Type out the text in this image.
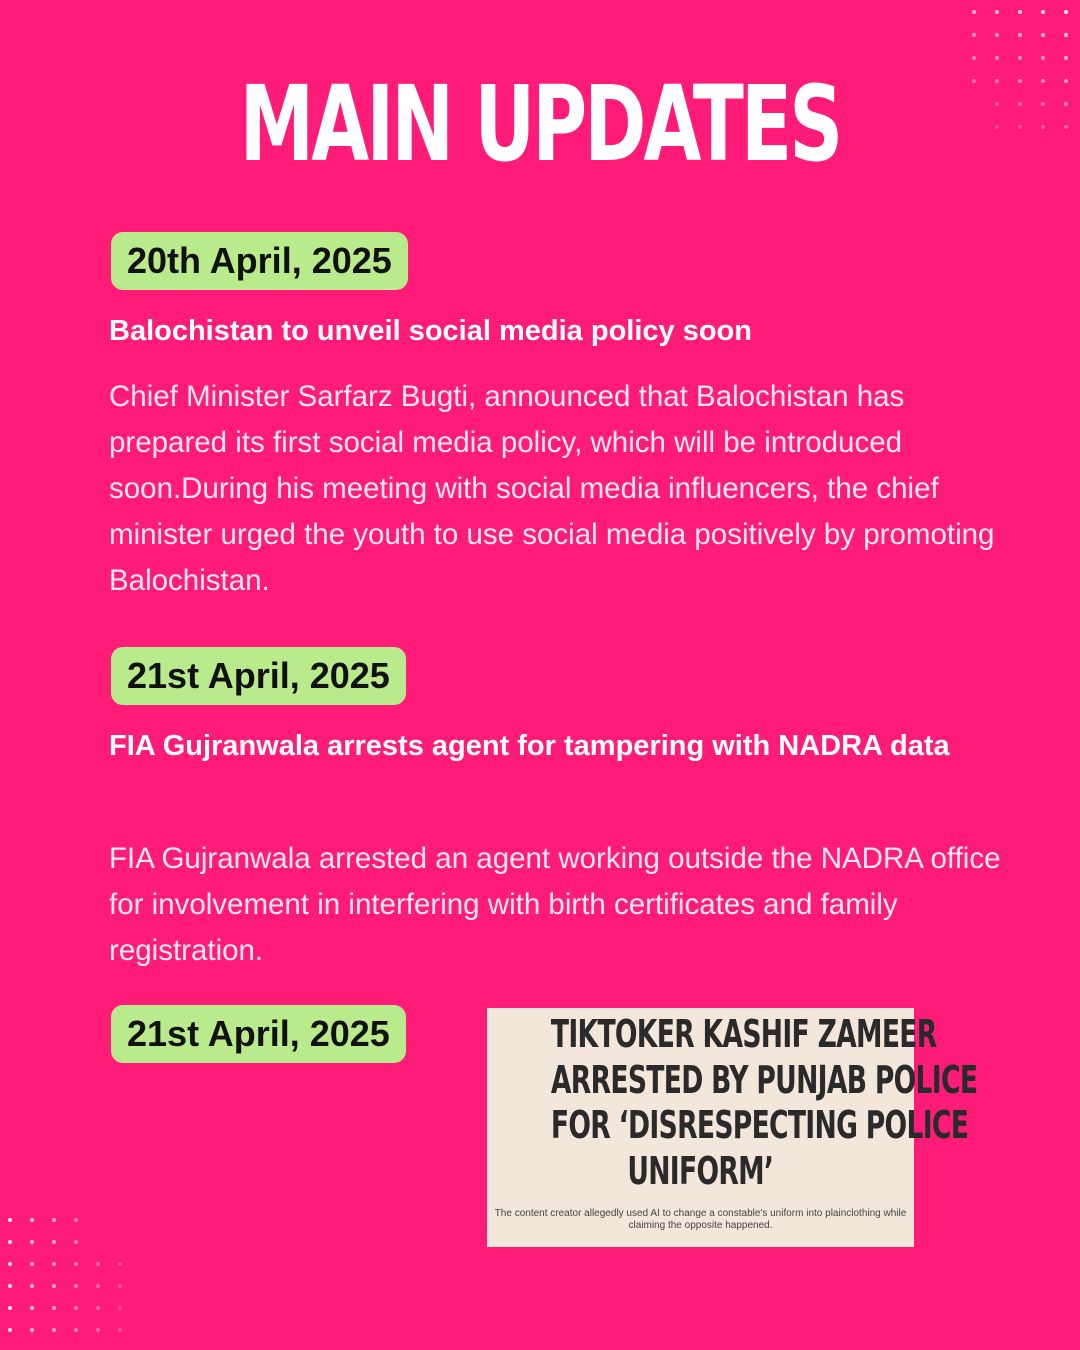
MAIN UPDATES
20th April, 2025
Balochistan to unveil social media policy soon
Chief Minister Sarfarz Bugti, announced that Balochistan has prepared its first social media policy, which will be introduced soon.During his meeting with social media influencers, the chief minister urged the youth to use social media positively by promoting Balochistan.
21st April, 2025
FIA Gujranwala arrests agent for tampering with NADRA data
FIA Gujranwala arrested an agent working outside the NADRA office for involvement in interfering with birth certificates and family registration.
21st April, 2025	TIKTOKER KASHIF ZAMEER
ARRESTED BY PUNJAB POLICE
FOR ‘DISRESPECTING POLICE
UNIFORM’
The content creator allegedly used AI to change a constable's uniform into plainclothing while claiming the opposite happened.
